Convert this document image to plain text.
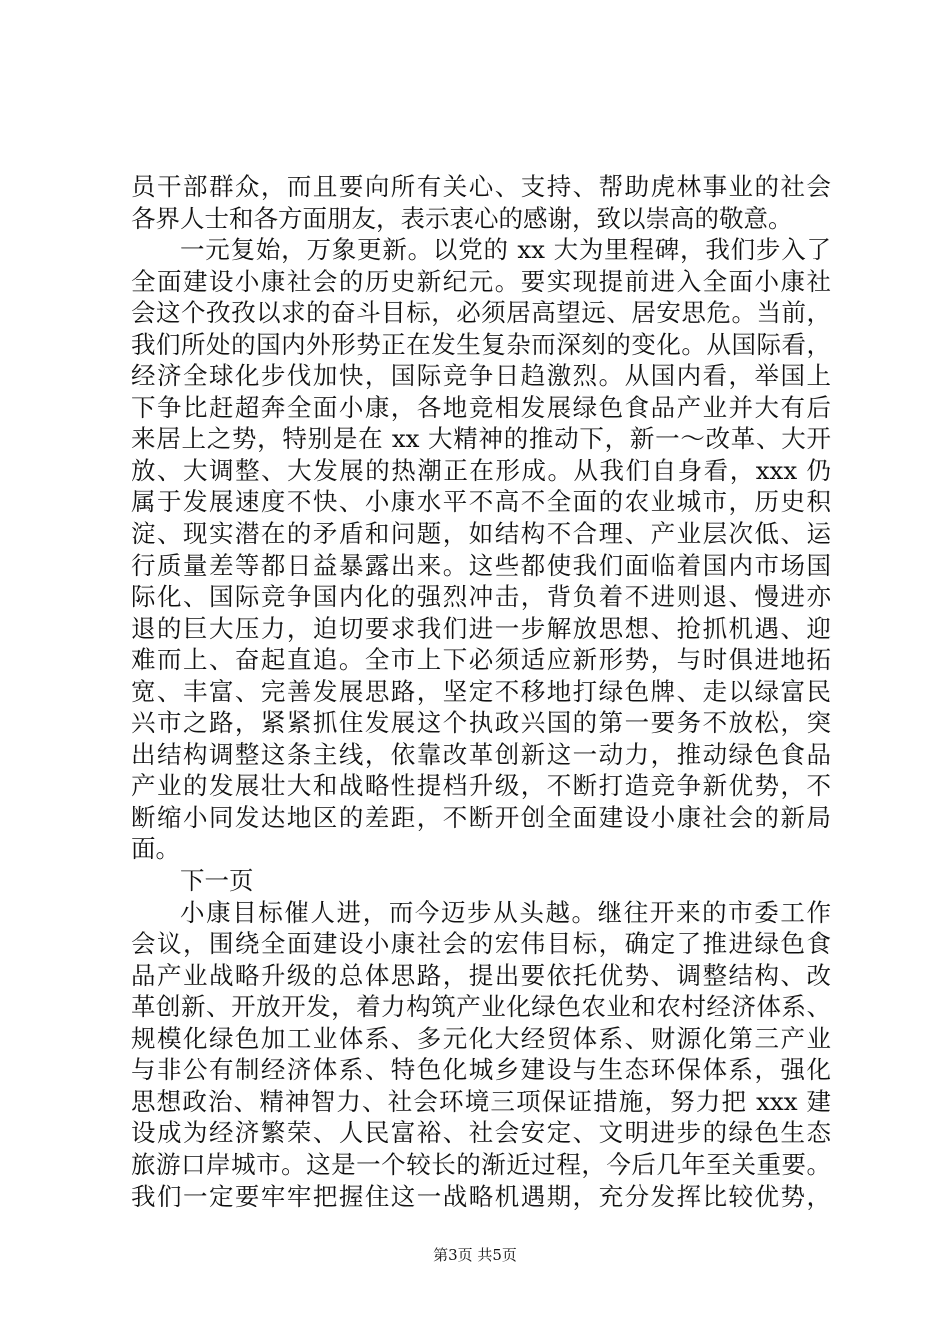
员干部群众，而且要向所有关心、支持、帮助虎林事业的社会
各界人士和各方面朋友，表示衷心的感谢，致以崇高的敬意。
一元复始，万象更新。以党的 xx 大为里程碑，我们步入了
全面建设小康社会的历史新纪元。要实现提前进入全面小康社
会这个孜孜以求的奋斗目标，必须居高望远、居安思危。当前，
我们所处的国内外形势正在发生复杂而深刻的变化。从国际看，
经济全球化步伐加快，国际竞争日趋激烈。从国内看，举国上
下争比赶超奔全面小康，各地竞相发展绿色食品产业并大有后
来居上之势，特别是在 xx 大精神的推动下，新一～改革、大开
放、大调整、大发展的热潮正在形成。从我们自身看，xxx 仍
属于发展速度不快、小康水平不高不全面的农业城市，历史积
淀、现实潜在的矛盾和问题，如结构不合理、产业层次低、运
行质量差等都日益暴露出来。这些都使我们面临着国内市场国
际化、国际竞争国内化的强烈冲击，背负着不进则退、慢进亦
退的巨大压力，迫切要求我们进一步解放思想、抢抓机遇、迎
难而上、奋起直追。全市上下必须适应新形势，与时俱进地拓
宽、丰富、完善发展思路，坚定不移地打绿色牌、走以绿富民
兴市之路，紧紧抓住发展这个执政兴国的第一要务不放松，突
出结构调整这条主线，依靠改革创新这一动力，推动绿色食品
产业的发展壮大和战略性提档升级，不断打造竞争新优势，不
断缩小同发达地区的差距，不断开创全面建设小康社会的新局
面。
下一页
小康目标催人进，而今迈步从头越。继往开来的市委工作
会议，围绕全面建设小康社会的宏伟目标，确定了推进绿色食
品产业战略升级的总体思路，提出要依托优势、调整结构、改
革创新、开放开发，着力构筑产业化绿色农业和农村经济体系、
规模化绿色加工业体系、多元化大经贸体系、财源化第三产业
与非公有制经济体系、特色化城乡建设与生态环保体系，强化
思想政治、精神智力、社会环境三项保证措施，努力把 xxx 建
设成为经济繁荣、人民富裕、社会安定、文明进步的绿色生态
旅游口岸城市。这是一个较长的渐近过程，今后几年至关重要。
我们一定要牢牢把握住这一战略机遇期，充分发挥比较优势，
第3页 共5页
